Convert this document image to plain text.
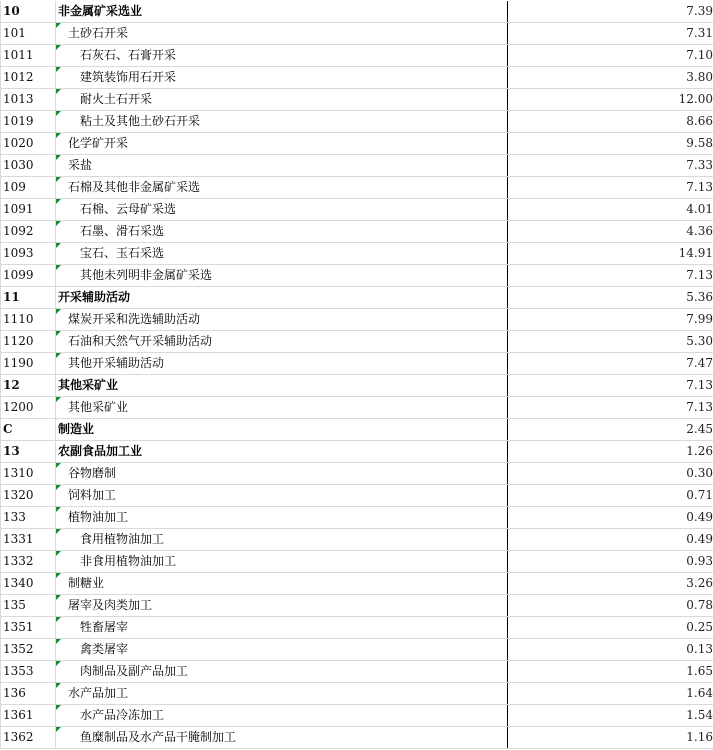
10	非金属矿采选业	7.39
101	土砂石开采	7.31
1011	石灰石、石膏开采	7.10
1012	建筑装饰用石开采	3.80
1013	耐火土石开采	12.00
1019	粘土及其他土砂石开采	8.66
1020	化学矿开采	9.58
1030	采盐	7.33
109	石棉及其他非金属矿采选	7.13
1091	石棉、云母矿采选	4.01
1092	石墨、滑石采选	4.36
1093	宝石、玉石采选	14.91
1099	其他未列明非金属矿采选	7.13
11	开采辅助活动	5.36
1110	煤炭开采和洗选辅助活动	7.99
1120	石油和天然气开采辅助活动	5.30
1190	其他开采辅助活动	7.47
12	其他采矿业	7.13
1200	其他采矿业	7.13
C	制造业	2.45
13	农副食品加工业	1.26
1310	谷物磨制	0.30
1320	饲料加工	0.71
133	植物油加工	0.49
1331	食用植物油加工	0.49
1332	非食用植物油加工	0.93
1340	制糖业	3.26
135	屠宰及肉类加工	0.78
1351	牲畜屠宰	0.25
1352	禽类屠宰	0.13
1353	肉制品及副产品加工	1.65
136	水产品加工	1.64
1361	水产品冷冻加工	1.54
1362	鱼糜制品及水产品干腌制加工	1.16
